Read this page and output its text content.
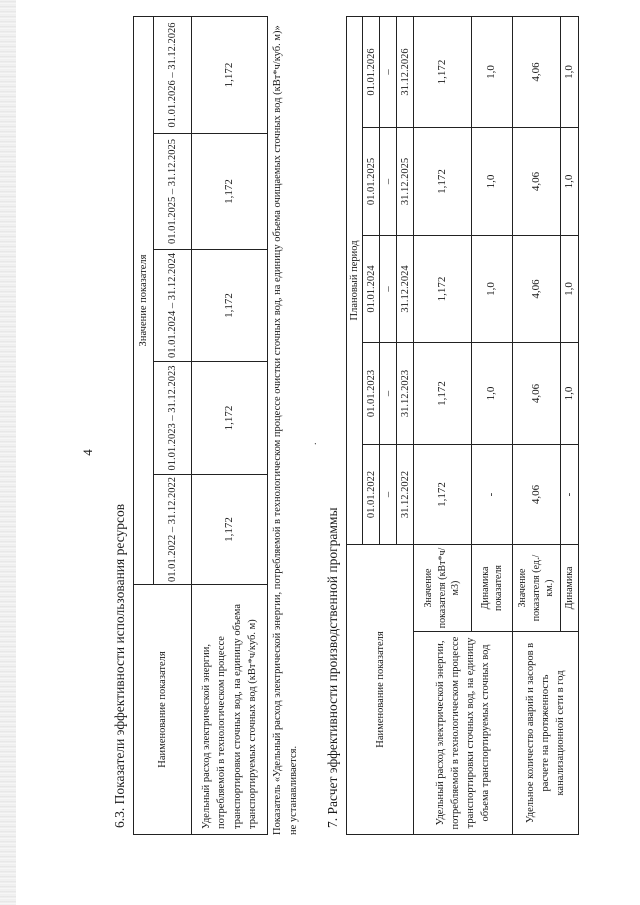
4
6.3. Показатели эффективности использования ресурсов	Наименование показателя	Значение показателя				
	01.01.2022 – 31.12.2022	01.01.2023 – 31.12.2023	01.01.2024 – 31.12.2024	01.01.2025 – 31.12.2025	01.01.2026 – 31.12.2026
Удельный расход электрической энергии, потребляемой в технологическом процессе транспортировки сточных вод, на единицу объема транспортируемых сточных вод (кВт*ч/куб. м)	1,172	1,172	1,172	1,172	1,172	Показатель «Удельный расход электрической энергии, потребляемой в технологическом процессе очистки сточных вод, на единицу объема очищаемых сточных вод (кВт*ч/куб. м)» не устанавливается.
.
7. Расчет эффективности производственной программы	Наименование показателя		Плановый период				
		01.01.2022	01.01.2023	01.01.2024	01.01.2025	01.01.2026
		–	–	–	–	–
		31.12.2022	31.12.2023	31.12.2024	31.12.2025	31.12.2026
Удельный расход электрической энергии, потребляемой в технологическом процессе транспортировки сточных вод, на единицу объема транспортируемых сточных вод	Значение показателя (кВт*ч/м3)	1,172	1,172	1,172	1,172	1,172
	Динамика показателя	-	1,0	1,0	1,0	1,0
Удельное количество аварий и засоров в расчете на протяженность канализационной сети в год	Значение показателя (ед./км.)	4,06	4,06	4,06	4,06	4,06
	Динамика	-	1,0	1,0	1,0	1,0
